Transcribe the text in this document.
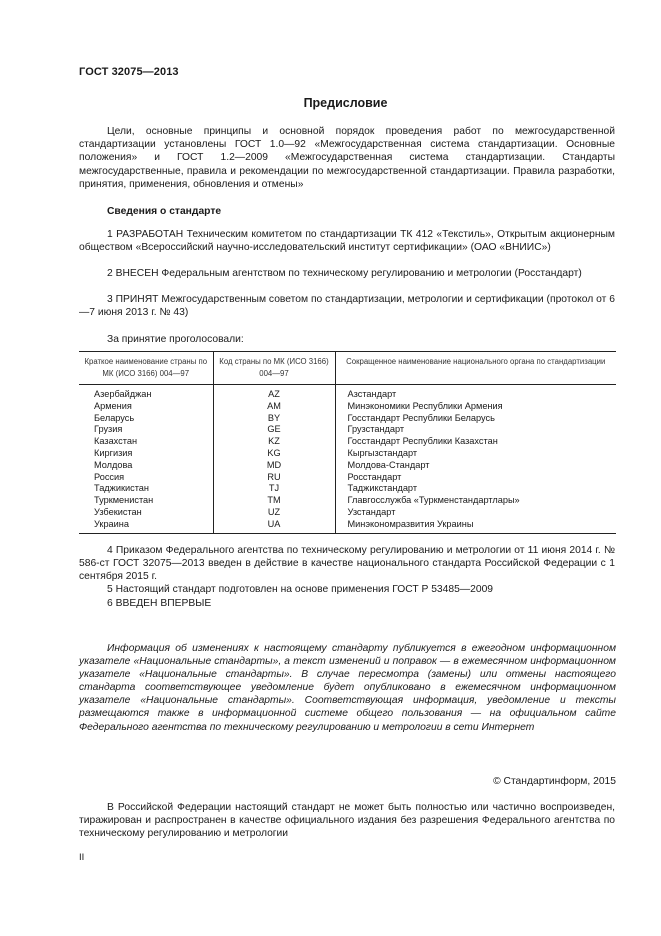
ГОСТ 32075—2013
Предисловие

Цели, основные принципы и основной порядок проведения работ по межгосударственной стандартизации установлены ГОСТ 1.0—92 «Межгосударственная система стандартизации. Основные положения» и ГОСТ 1.2—2009 «Межгосударственная система стандартизации. Стандарты межгосударственные, правила и рекомендации по межгосударственной стандартизации. Правила разработки, принятия, применения, обновления и отмены»

Сведения о стандарте

1 РАЗРАБОТАН Техническим комитетом по стандартизации ТК 412 «Текстиль», Открытым акционерным обществом «Всероссийский научно-исследовательский институт сертификации» (ОАО «ВНИИС»)

2 ВНЕСЕН Федеральным агентством по техническому регулированию и метрологии (Росстандарт)

3 ПРИНЯТ Межгосударственным советом по стандартизации, метрологии и сертификации (протокол от 6—7 июня 2013 г. № 43)

За принятие проголосовали:
Краткое наименование страны по МК (ИСО 3166) 004—97	Код страны по МК (ИСО 3166) 004—97	Сокращенное наименование национального органа по стандартизации
Азербайджан	AZ	Азстандарт
Армения	AM	Минэкономики Республики Армения
Беларусь	BY	Госстандарт Республики Беларусь
Грузия	GE	Грузстандарт
Казахстан	KZ	Госстандарт Республики Казахстан
Киргизия	KG	Кыргызстандарт
Молдова	MD	Молдова-Стандарт
Россия	RU	Росстандарт
Таджикистан	TJ	Таджикстандарт
Туркменистан	TM	Главгосслужба «Туркменстандартлары»
Узбекистан	UZ	Узстандарт
Украина	UA	Минэкономразвития Украины

4 Приказом Федерального агентства по техническому регулированию и метрологии от 11 июня 2014 г. № 586-ст ГОСТ 32075—2013 введен в действие в качестве национального стандарта Российской Федерации с 1 сентября 2015 г.

5 Настоящий стандарт подготовлен на основе применения ГОСТ Р 53485—2009

6 ВВЕДЕН ВПЕРВЫЕ

Информация об изменениях к настоящему стандарту публикуется в ежегодном информационном указателе «Национальные стандарты», а текст изменений и поправок — в ежемесячном информационном указателе «Национальные стандарты». В случае пересмотра (замены) или отмены настоящего стандарта соответствующее уведомление будет опубликовано в ежемесячном информационном указателе «Национальные стандарты». Соответствующая информация, уведомление и тексты размещаются также в информационной системе общего пользования — на официальном сайте Федерального агентства по техническому регулированию и метрологии в сети Интернет

© Стандартинформ, 2015

В Российской Федерации настоящий стандарт не может быть полностью или частично воспроизведен, тиражирован и распространен в качестве официального издания без разрешения Федерального агентства по техническому регулированию и метрологии

II
